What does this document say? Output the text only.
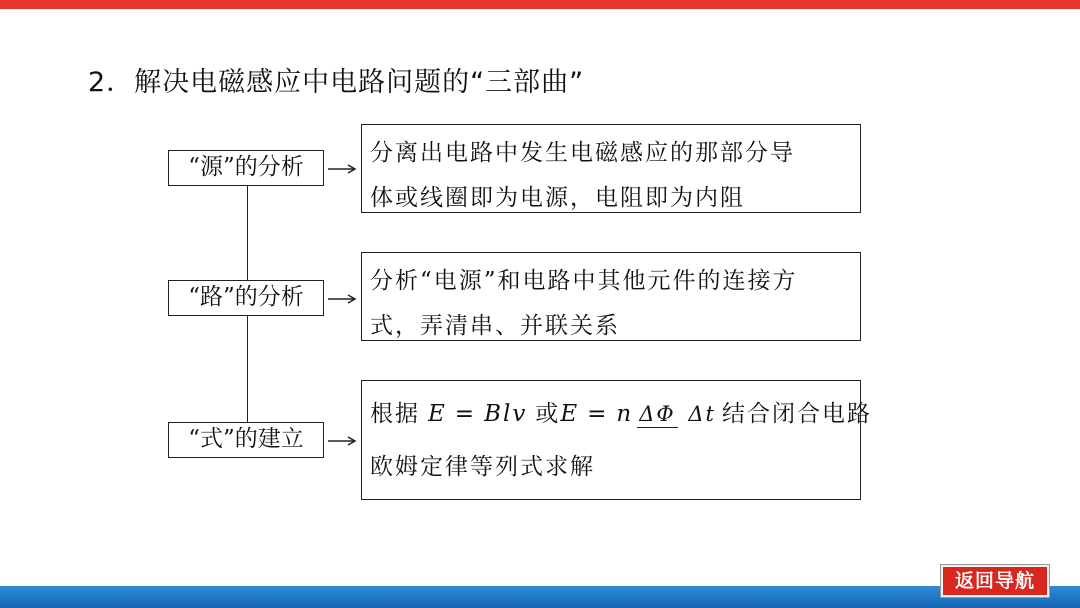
2．解决电磁感应中电路问题的“三部曲”
“源”的分析
分离出电路中发生电磁感应的那部分导
体或线圈即为电源，电阻即为内阻
“路”的分析
分析“电源”和电路中其他元件的连接方
式，弄清串、并联关系
“式”的建立
根据 E = Blv 或 E = n ΔΦ Δt 结合闭合电路
欧姆定律等列式求解
返回导航
